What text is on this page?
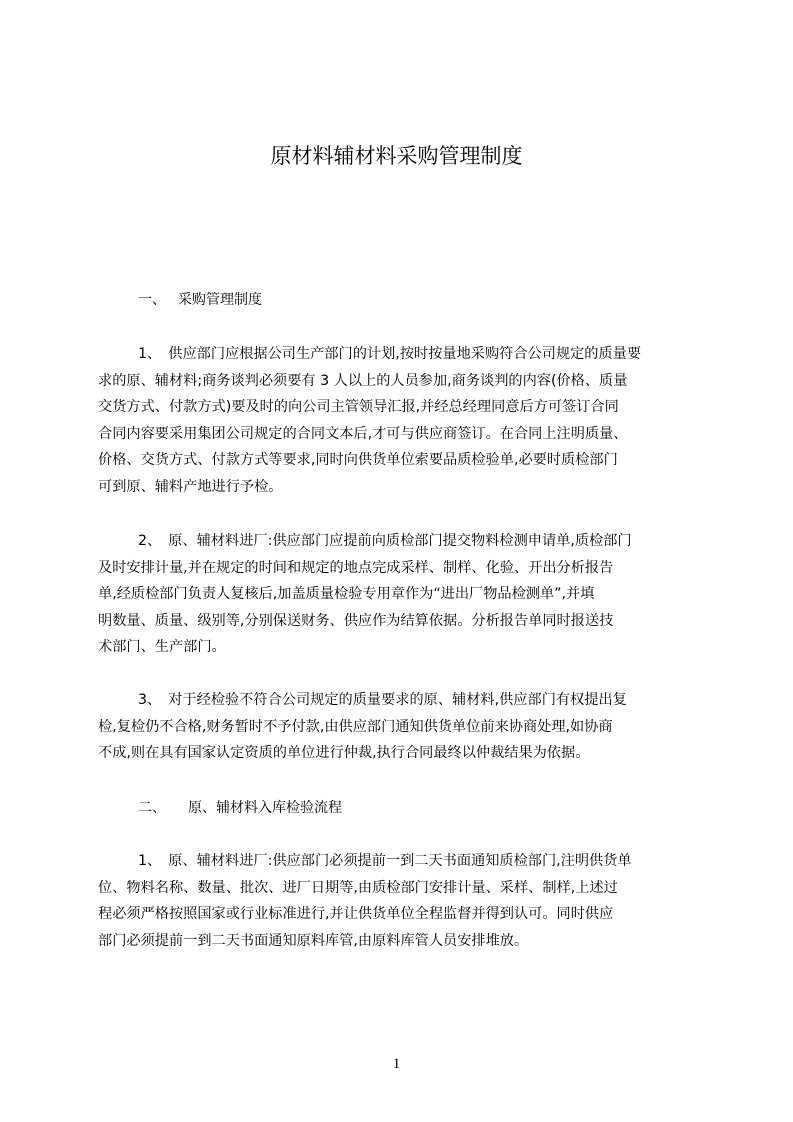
原材料辅材料采购管理制度
一、 采购管理制度
1、　供应部门应根据公司生产部门的计划,按时按量地采购符合公司规定的质量要
求的原、辅材料;商务谈判必须要有 3 人以上的人员参加,商务谈判的内容(价格、质量
交货方式、付款方式)要及时的向公司主管领导汇报,并经总经理同意后方可签订合同
合同内容要采用集团公司规定的合同文本后,才可与供应商签订。在合同上注明质量、
价格、交货方式、付款方式等要求,同时向供货单位索要品质检验单,必要时质检部门
可到原、辅料产地进行予检。
2、　原、辅材料进厂:供应部门应提前向质检部门提交物料检测申请单,质检部门
及时安排计量,并在规定的时间和规定的地点完成采样、制样、化验、开出分析报告
单,经质检部门负责人复核后,加盖质量检验专用章作为“进出厂物品检测单”,并填
明数量、质量、级别等,分别保送财务、供应作为结算依据。分析报告单同时报送技
术部门、生产部门。
3、　对于经检验不符合公司规定的质量要求的原、辅材料,供应部门有权提出复
检,复检仍不合格,财务暂时不予付款,由供应部门通知供货单位前来协商处理,如协商
不成,则在具有国家认定资质的单位进行仲裁,执行合同最终以仲裁结果为依据。
二、 原、辅材料入库检验流程
1、　原、辅材料进厂:供应部门必须提前一到二天书面通知质检部门,注明供货单
位、物料名称、数量、批次、进厂日期等,由质检部门安排计量、采样、制样,上述过
程必须严格按照国家或行业标准进行,并让供货单位全程监督并得到认可。同时供应
部门必须提前一到二天书面通知原料库管,由原料库管人员安排堆放。
1
